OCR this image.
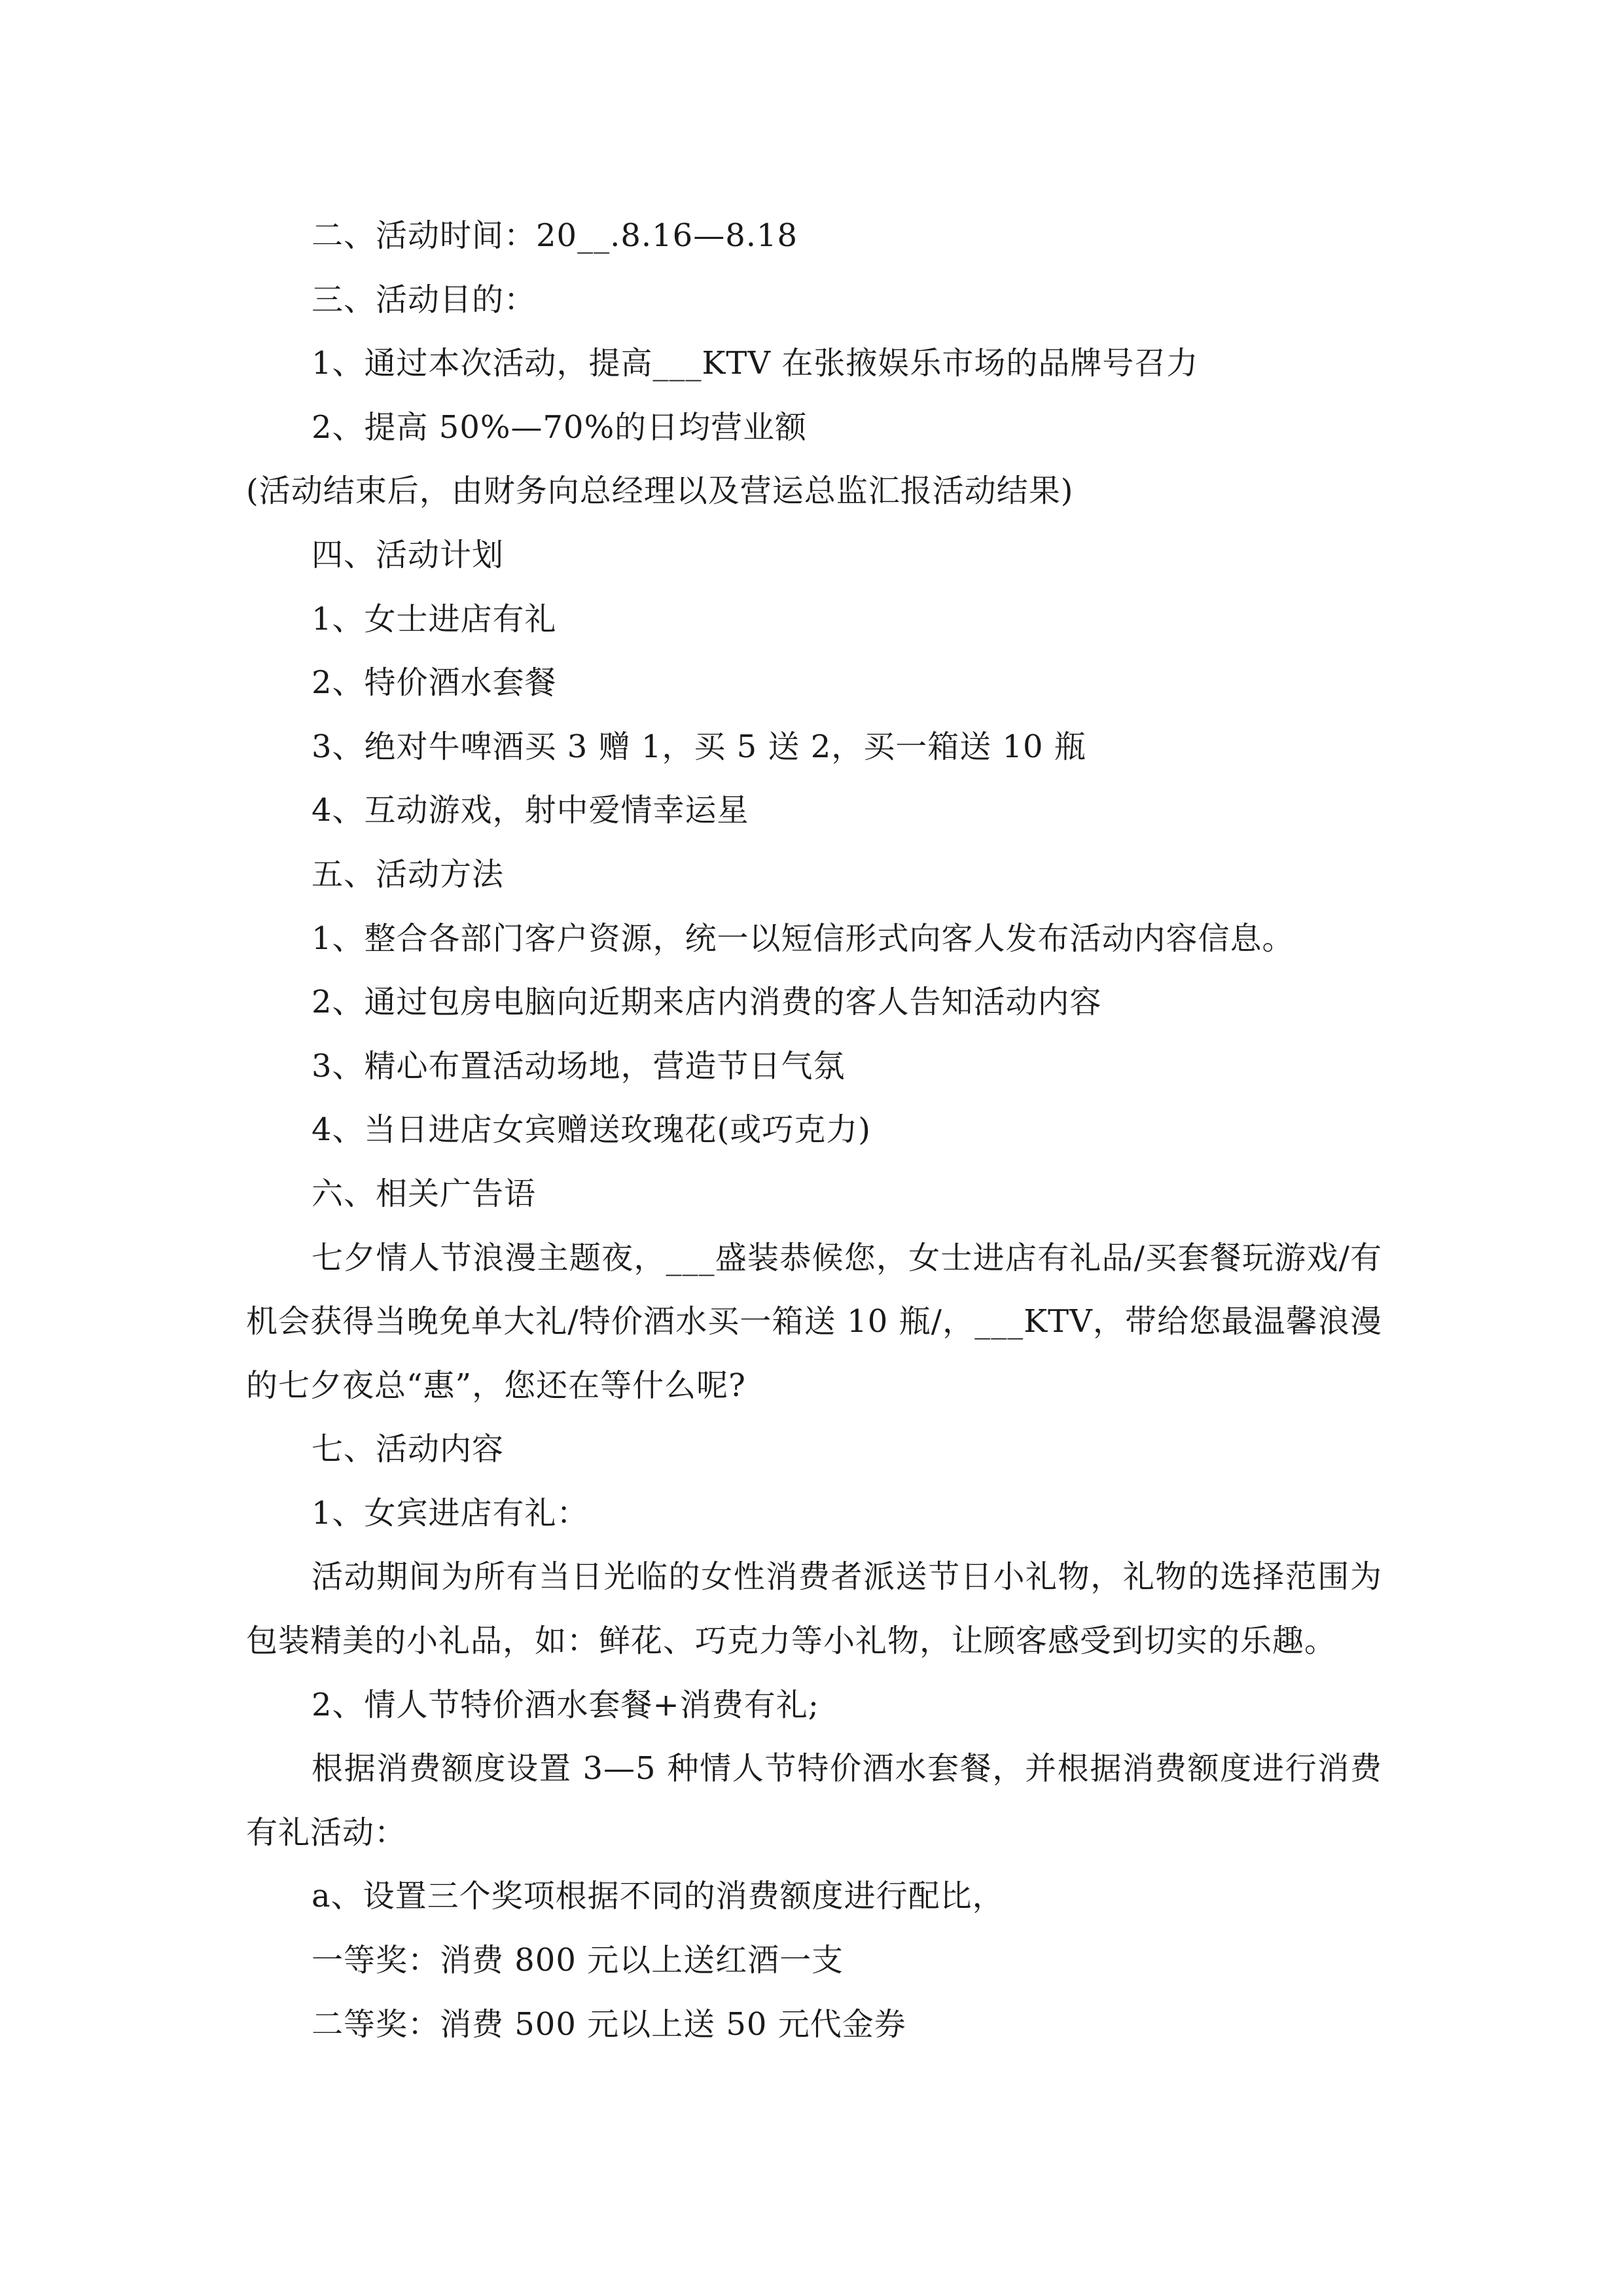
二、活动时间：20__.8.16—8.18

三、活动目的：

1、通过本次活动，提高___KTV 在张掖娱乐市场的品牌号召力

2、提高 50%—70%的日均营业额

(活动结束后，由财务向总经理以及营运总监汇报活动结果)

四、活动计划

1、女士进店有礼

2、特价酒水套餐

3、绝对牛啤酒买 3 赠 1，买 5 送 2，买一箱送 10 瓶

4、互动游戏，射中爱情幸运星

五、活动方法

1、整合各部门客户资源，统一以短信形式向客人发布活动内容信息。

2、通过包房电脑向近期来店内消费的客人告知活动内容

3、精心布置活动场地，营造节日气氛

4、当日进店女宾赠送玫瑰花(或巧克力)

六、相关广告语

七夕情人节浪漫主题夜，___盛装恭候您，女士进店有礼品/买套餐玩游戏/有机会获得当晚免单大礼/特价酒水买一箱送 10 瓶/，___KTV，带给您最温馨浪漫的七夕夜总“惠”，您还在等什么呢?

七、活动内容

1、女宾进店有礼：

活动期间为所有当日光临的女性消费者派送节日小礼物，礼物的选择范围为包装精美的小礼品，如：鲜花、巧克力等小礼物，让顾客感受到切实的乐趣。

2、情人节特价酒水套餐+消费有礼;

根据消费额度设置 3—5 种情人节特价酒水套餐，并根据消费额度进行消费有礼活动：

a、设置三个奖项根据不同的消费额度进行配比，

一等奖：消费 800 元以上送红酒一支

二等奖：消费 500 元以上送 50 元代金券
